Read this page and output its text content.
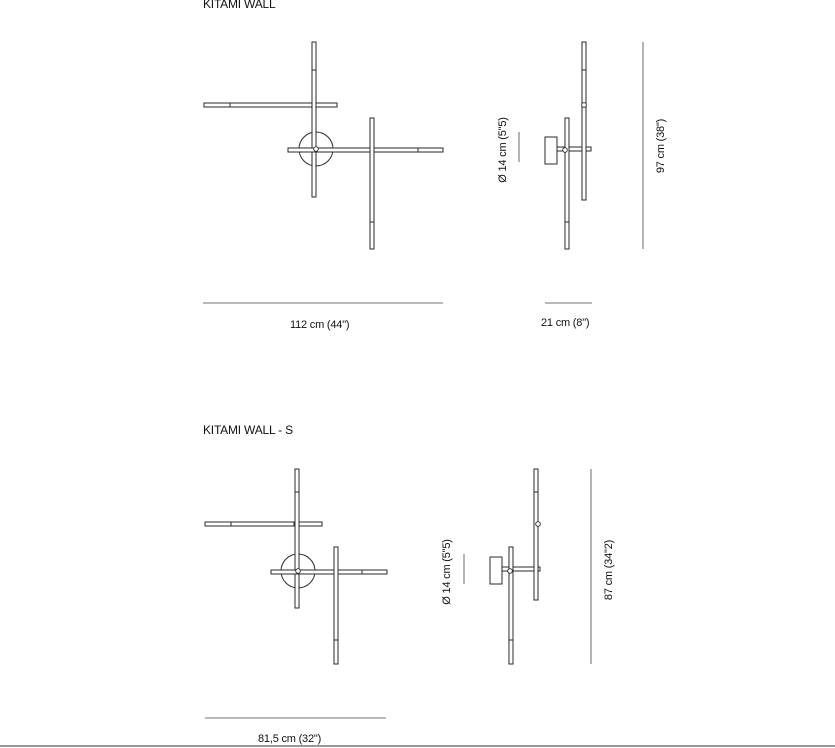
KITAMI WALL
112 cm (44")	21 cm (8")
Ø 14 cm (5"5)	97 cm (38")
KITAMI WALL - S
81,5 cm (32")
Ø 14 cm (5"5)	87 cm (34"2)
